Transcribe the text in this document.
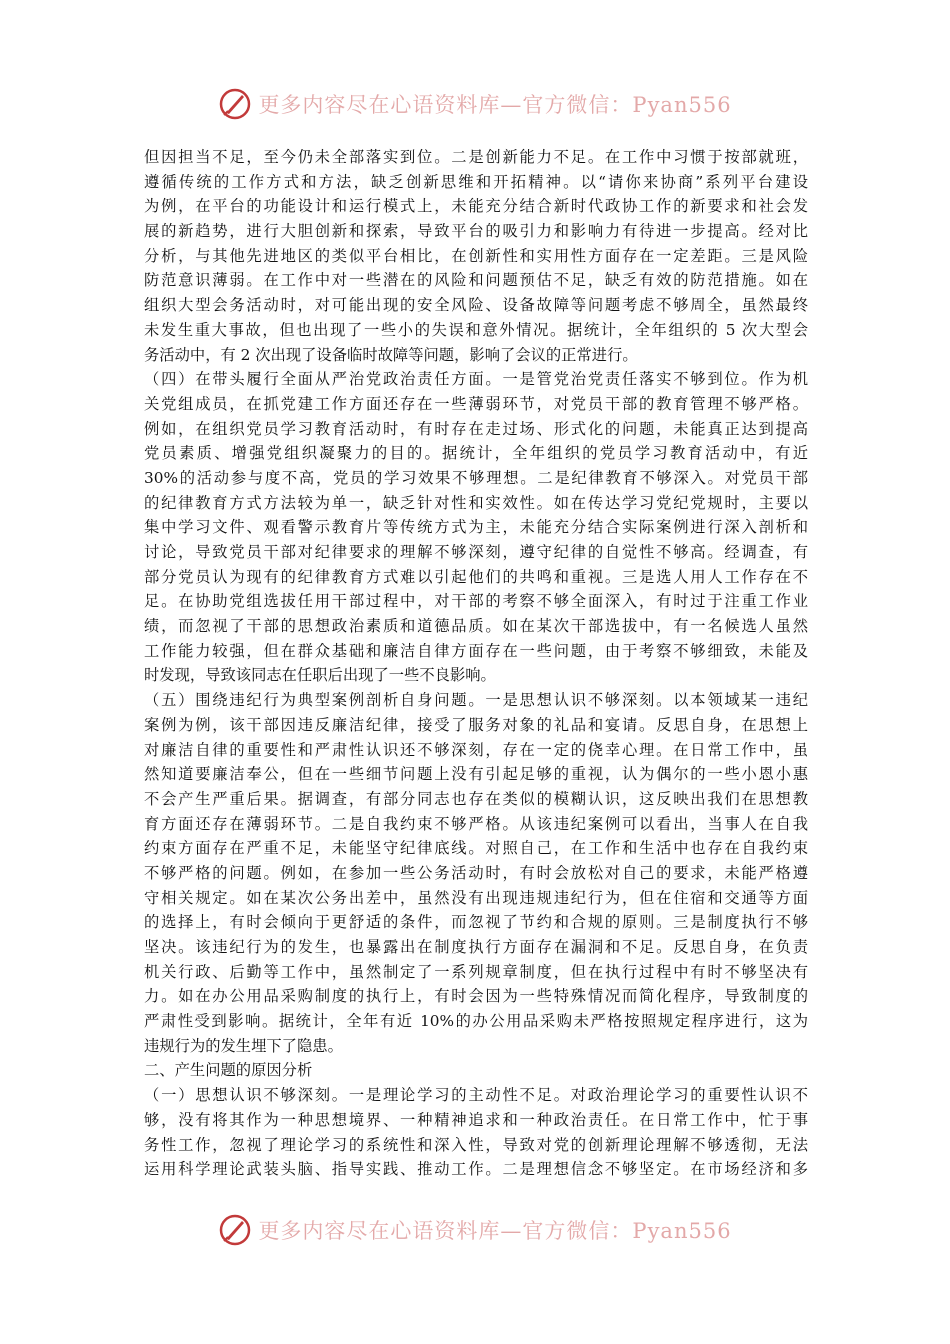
更多内容尽在心语资料库—官方微信：Pyan556
但因担当不足，至今仍未全部落实到位。二是创新能力不足。在工作中习惯于按部就班，
遵循传统的工作方式和方法，缺乏创新思维和开拓精神。以“请你来协商”系列平台建设
为例，在平台的功能设计和运行模式上，未能充分结合新时代政协工作的新要求和社会发
展的新趋势，进行大胆创新和探索，导致平台的吸引力和影响力有待进一步提高。经对比
分析，与其他先进地区的类似平台相比，在创新性和实用性方面存在一定差距。三是风险
防范意识薄弱。在工作中对一些潜在的风险和问题预估不足，缺乏有效的防范措施。如在
组织大型会务活动时，对可能出现的安全风险、设备故障等问题考虑不够周全，虽然最终
未发生重大事故，但也出现了一些小的失误和意外情况。据统计，全年组织的 5 次大型会
务活动中，有 2 次出现了设备临时故障等问题，影响了会议的正常进行。
（四）在带头履行全面从严治党政治责任方面。一是管党治党责任落实不够到位。作为机
关党组成员，在抓党建工作方面还存在一些薄弱环节，对党员干部的教育管理不够严格。
例如，在组织党员学习教育活动时，有时存在走过场、形式化的问题，未能真正达到提高
党员素质、增强党组织凝聚力的目的。据统计，全年组织的党员学习教育活动中，有近
30%的活动参与度不高，党员的学习效果不够理想。二是纪律教育不够深入。对党员干部
的纪律教育方式方法较为单一，缺乏针对性和实效性。如在传达学习党纪党规时，主要以
集中学习文件、观看警示教育片等传统方式为主，未能充分结合实际案例进行深入剖析和
讨论，导致党员干部对纪律要求的理解不够深刻，遵守纪律的自觉性不够高。经调查，有
部分党员认为现有的纪律教育方式难以引起他们的共鸣和重视。三是选人用人工作存在不
足。在协助党组选拔任用干部过程中，对干部的考察不够全面深入，有时过于注重工作业
绩，而忽视了干部的思想政治素质和道德品质。如在某次干部选拔中，有一名候选人虽然
工作能力较强，但在群众基础和廉洁自律方面存在一些问题，由于考察不够细致，未能及
时发现，导致该同志在任职后出现了一些不良影响。
（五）围绕违纪行为典型案例剖析自身问题。一是思想认识不够深刻。以本领域某一违纪
案例为例，该干部因违反廉洁纪律，接受了服务对象的礼品和宴请。反思自身，在思想上
对廉洁自律的重要性和严肃性认识还不够深刻，存在一定的侥幸心理。在日常工作中，虽
然知道要廉洁奉公，但在一些细节问题上没有引起足够的重视，认为偶尔的一些小恩小惠
不会产生严重后果。据调查，有部分同志也存在类似的模糊认识，这反映出我们在思想教
育方面还存在薄弱环节。二是自我约束不够严格。从该违纪案例可以看出，当事人在自我
约束方面存在严重不足，未能坚守纪律底线。对照自己，在工作和生活中也存在自我约束
不够严格的问题。例如，在参加一些公务活动时，有时会放松对自己的要求，未能严格遵
守相关规定。如在某次公务出差中，虽然没有出现违规违纪行为，但在住宿和交通等方面
的选择上，有时会倾向于更舒适的条件，而忽视了节约和合规的原则。三是制度执行不够
坚决。该违纪行为的发生，也暴露出在制度执行方面存在漏洞和不足。反思自身，在负责
机关行政、后勤等工作中，虽然制定了一系列规章制度，但在执行过程中有时不够坚决有
力。如在办公用品采购制度的执行上，有时会因为一些特殊情况而简化程序，导致制度的
严肃性受到影响。据统计，全年有近 10%的办公用品采购未严格按照规定程序进行，这为
违规行为的发生埋下了隐患。
二、产生问题的原因分析
（一）思想认识不够深刻。一是理论学习的主动性不足。对政治理论学习的重要性认识不
够，没有将其作为一种思想境界、一种精神追求和一种政治责任。在日常工作中，忙于事
务性工作，忽视了理论学习的系统性和深入性，导致对党的创新理论理解不够透彻，无法
运用科学理论武装头脑、指导实践、推动工作。二是理想信念不够坚定。在市场经济和多
更多内容尽在心语资料库—官方微信：Pyan556
